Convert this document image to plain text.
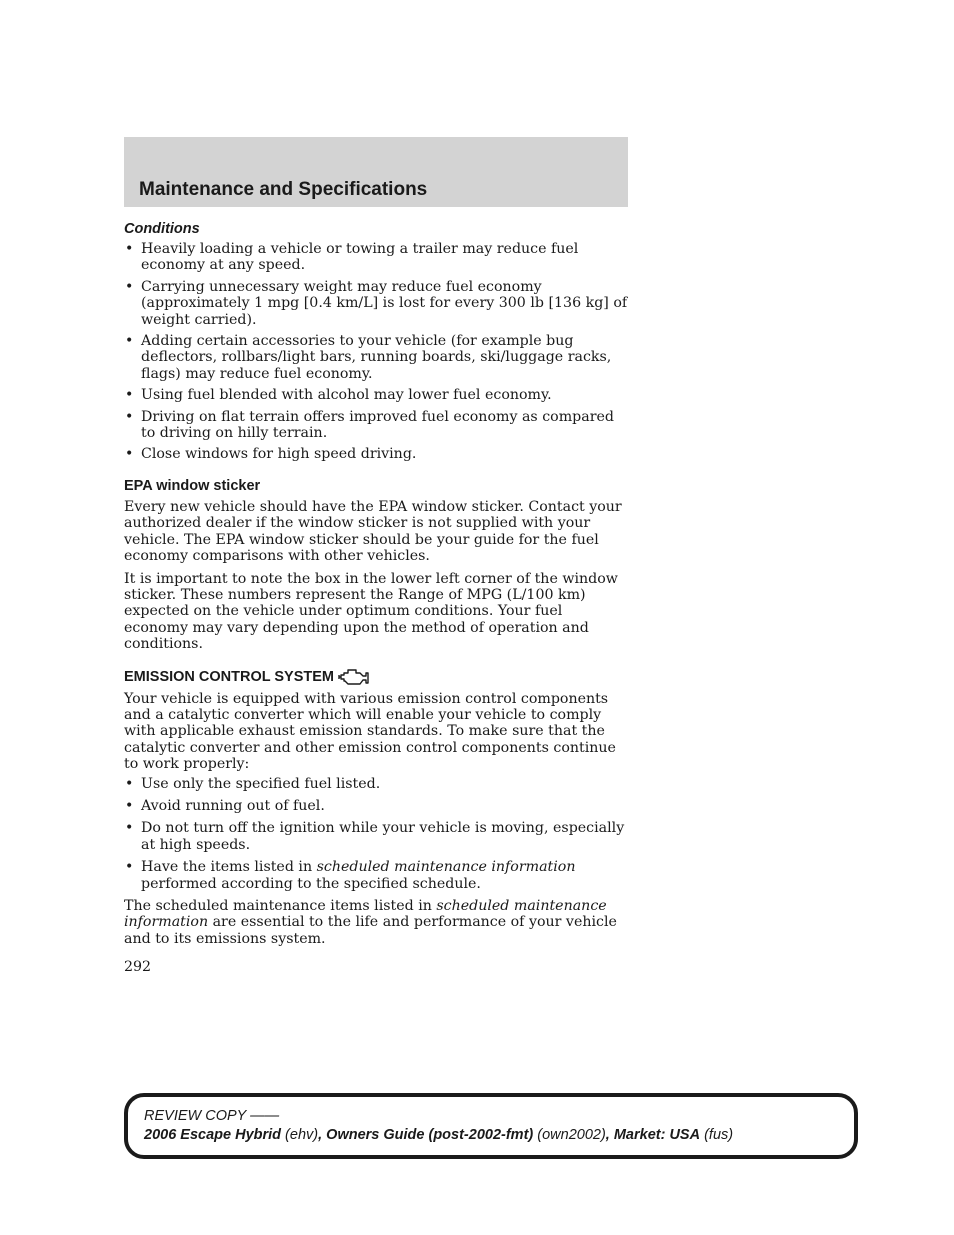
Maintenance and Specifications
Conditions
• Heavily loading a vehicle or towing a trailer may reduce fuel economy at any speed.
• Carrying unnecessary weight may reduce fuel economy (approximately 1 mpg [0.4 km/L] is lost for every 300 lb [136 kg] of weight carried).
• Adding certain accessories to your vehicle (for example bug deflectors, rollbars/light bars, running boards, ski/luggage racks, flags) may reduce fuel economy.
• Using fuel blended with alcohol may lower fuel economy.
• Driving on flat terrain offers improved fuel economy as compared to driving on hilly terrain.
• Close windows for high speed driving.
EPA window sticker

Every new vehicle should have the EPA window sticker. Contact your authorized dealer if the window sticker is not supplied with your vehicle. The EPA window sticker should be your guide for the fuel economy comparisons with other vehicles.

It is important to note the box in the lower left corner of the window sticker. These numbers represent the Range of MPG (L/100 km) expected on the vehicle under optimum conditions. Your fuel economy may vary depending upon the method of operation and conditions.

EMISSION CONTROL SYSTEM

Your vehicle is equipped with various emission control components and a catalytic converter which will enable your vehicle to comply with applicable exhaust emission standards. To make sure that the catalytic converter and other emission control components continue to work properly:

• Use only the specified fuel listed.
• Avoid running out of fuel.
• Do not turn off the ignition while your vehicle is moving, especially at high speeds.
• Have the items listed in scheduled maintenance information performed according to the specified schedule.

The scheduled maintenance items listed in scheduled maintenance information are essential to the life and performance of your vehicle and to its emissions system.

292
REVIEW COPY ——
2006 Escape Hybrid (ehv), Owners Guide (post-2002-fmt) (own2002), Market: USA (fus)
